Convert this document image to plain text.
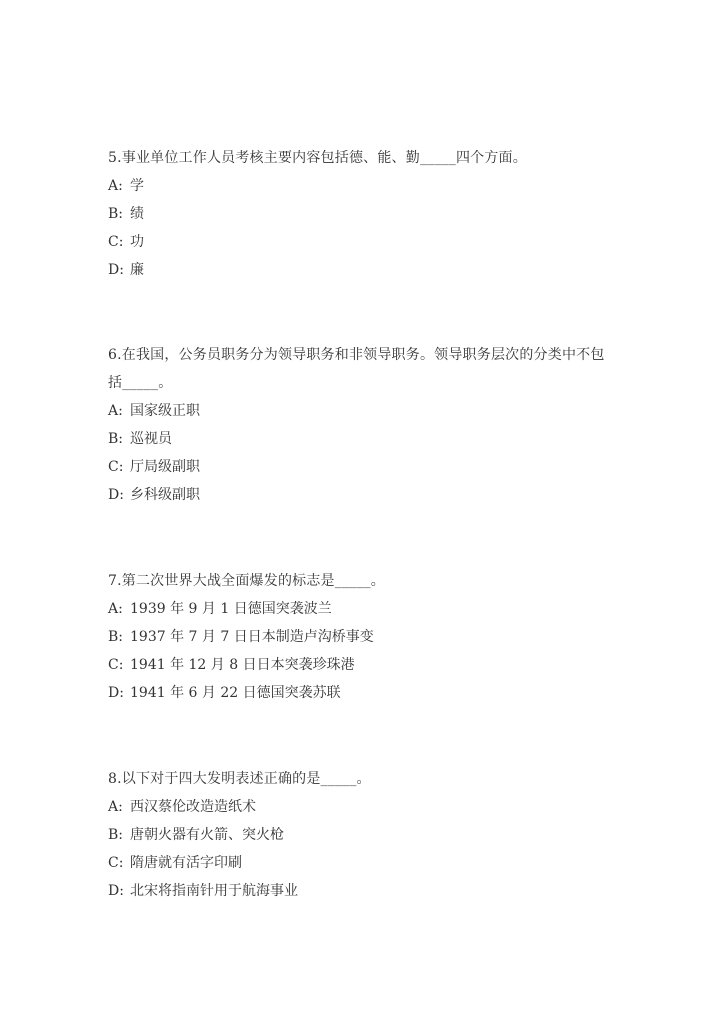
5.事业单位工作人员考核主要内容包括德、能、勤_____四个方面。

A: 学

B: 绩

C: 功

D: 廉

6.在我国，公务员职务分为领导职务和非领导职务。领导职务层次的分类中不包括_____。

A: 国家级正职

B: 巡视员

C: 厅局级副职

D: 乡科级副职

7.第二次世界大战全面爆发的标志是_____。

A: 1939 年 9 月 1 日德国突袭波兰

B: 1937 年 7 月 7 日日本制造卢沟桥事变

C: 1941 年 12 月 8 日日本突袭珍珠港

D: 1941 年 6 月 22 日德国突袭苏联

8.以下对于四大发明表述正确的是_____。

A: 西汉蔡伦改造造纸术

B: 唐朝火器有火箭、突火枪

C: 隋唐就有活字印刷

D: 北宋将指南针用于航海事业
